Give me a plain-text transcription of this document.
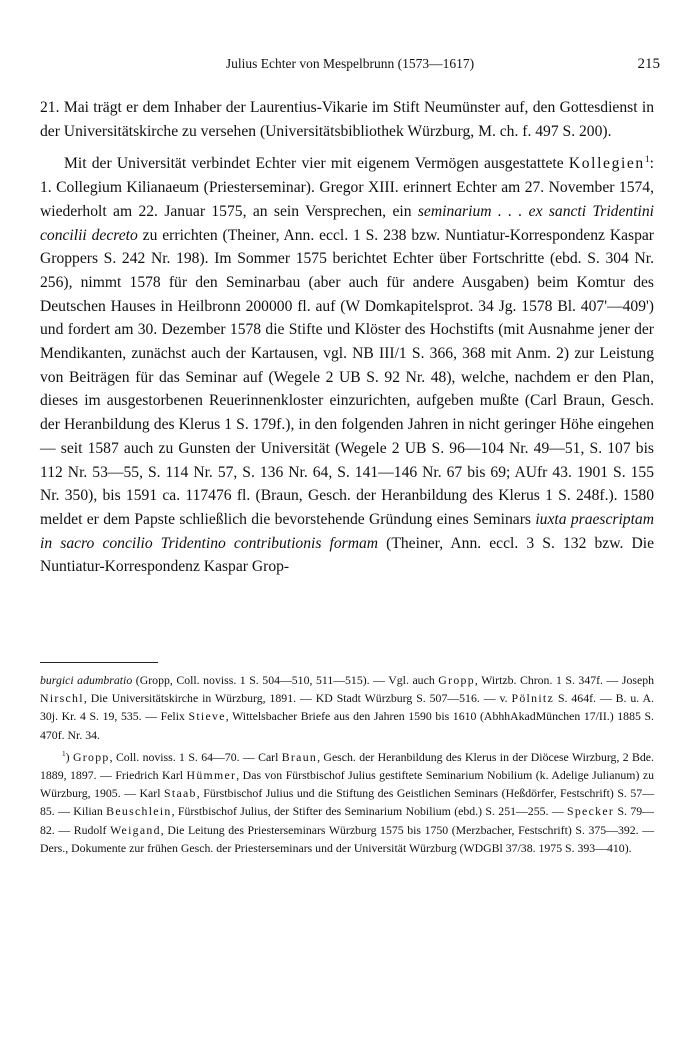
Julius Echter von Mespelbrunn (1573—1617)	215

21. Mai trägt er dem Inhaber der Laurentius-Vikarie im Stift Neumünster auf, den Gottesdienst in der Universitätskirche zu versehen (Universitätsbibliothek Würzburg, M. ch. f. 497 S. 200).

Mit der Universität verbindet Echter vier mit eigenem Vermögen ausgestattete Kollegien$^1$: 1. Collegium Kilianaeum (Priesterseminar). Gregor XIII. erinnert Echter am 27. November 1574, wiederholt am 22. Januar 1575, an sein Versprechen, ein seminarium . . . ex sancti Tridentini concilii decreto zu errichten (Theiner, Ann. eccl. 1 S. 238 bzw. Nuntiatur-Korrespondenz Kaspar Groppers S. 242 Nr. 198). Im Sommer 1575 berichtet Echter über Fortschritte (ebd. S. 304 Nr. 256), nimmt 1578 für den Seminarbau (aber auch für andere Ausgaben) beim Komtur des Deutschen Hauses in Heilbronn 200000 fl. auf (W Domkapitelsprot. 34 Jg. 1578 Bl. 407'—409') und fordert am 30. Dezember 1578 die Stifte und Klöster des Hochstifts (mit Ausnahme jener der Mendikanten, zunächst auch der Kartausen, vgl. NB III/1 S. 366, 368 mit Anm. 2) zur Leistung von Beiträgen für das Seminar auf (Wegele 2 UB S. 92 Nr. 48), welche, nachdem er den Plan, dieses im ausgestorbenen Reuerinnenkloster einzurichten, aufgeben mußte (Carl Braun, Gesch. der Heranbildung des Klerus 1 S. 179f.), in den folgenden Jahren in nicht geringer Höhe eingehen — seit 1587 auch zu Gunsten der Universität (Wegele 2 UB S. 96—104 Nr. 49—51, S. 107 bis 112 Nr. 53—55, S. 114 Nr. 57, S. 136 Nr. 64, S. 141—146 Nr. 67 bis 69; AUfr 43. 1901 S. 155 Nr. 350), bis 1591 ca. 117476 fl. (Braun, Gesch. der Heranbildung des Klerus 1 S. 248f.). 1580 meldet er dem Papste schließlich die bevorstehende Gründung eines Seminars iuxta praescriptam in sacro concilio Tridentino contributionis formam (Theiner, Ann. eccl. 3 S. 132 bzw. Die Nuntiatur-Korrespondenz Kaspar Grop-

burgici adumbratio (Gropp, Coll. noviss. 1 S. 504—510, 511—515). — Vgl. auch Gropp, Wirtzb. Chron. 1 S. 347f. — Joseph Nirschl, Die Universitätskirche in Würzburg, 1891. — KD Stadt Würzburg S. 507—516. — v. Pölnitz S. 464f. — B. u. A. 30j. Kr. 4 S. 19, 535. — Felix Stieve, Wittelsbacher Briefe aus den Jahren 1590 bis 1610 (AbhhAkadMünchen 17/II.) 1885 S. 470f. Nr. 34.

$^1$) Gropp, Coll. noviss. 1 S. 64—70. — Carl Braun, Gesch. der Heranbildung des Klerus in der Diöcese Wirzburg, 2 Bde. 1889, 1897. — Friedrich Karl Hümmer, Das von Fürstbischof Julius gestiftete Seminarium Nobilium (k. Adelige Julianum) zu Würzburg, 1905. — Karl Staab, Fürstbischof Julius und die Stiftung des Geistlichen Seminars (Heßdörfer, Festschrift) S. 57—85. — Kilian Beuschlein, Fürstbischof Julius, der Stifter des Seminarium Nobilium (ebd.) S. 251—255. — Specker S. 79—82. — Rudolf Weigand, Die Leitung des Priesterseminars Würzburg 1575 bis 1750 (Merzbacher, Festschrift) S. 375—392. — Ders., Dokumente zur frühen Gesch. der Priesterseminars und der Universität Würzburg (WDGBl 37/38. 1975 S. 393—410).
